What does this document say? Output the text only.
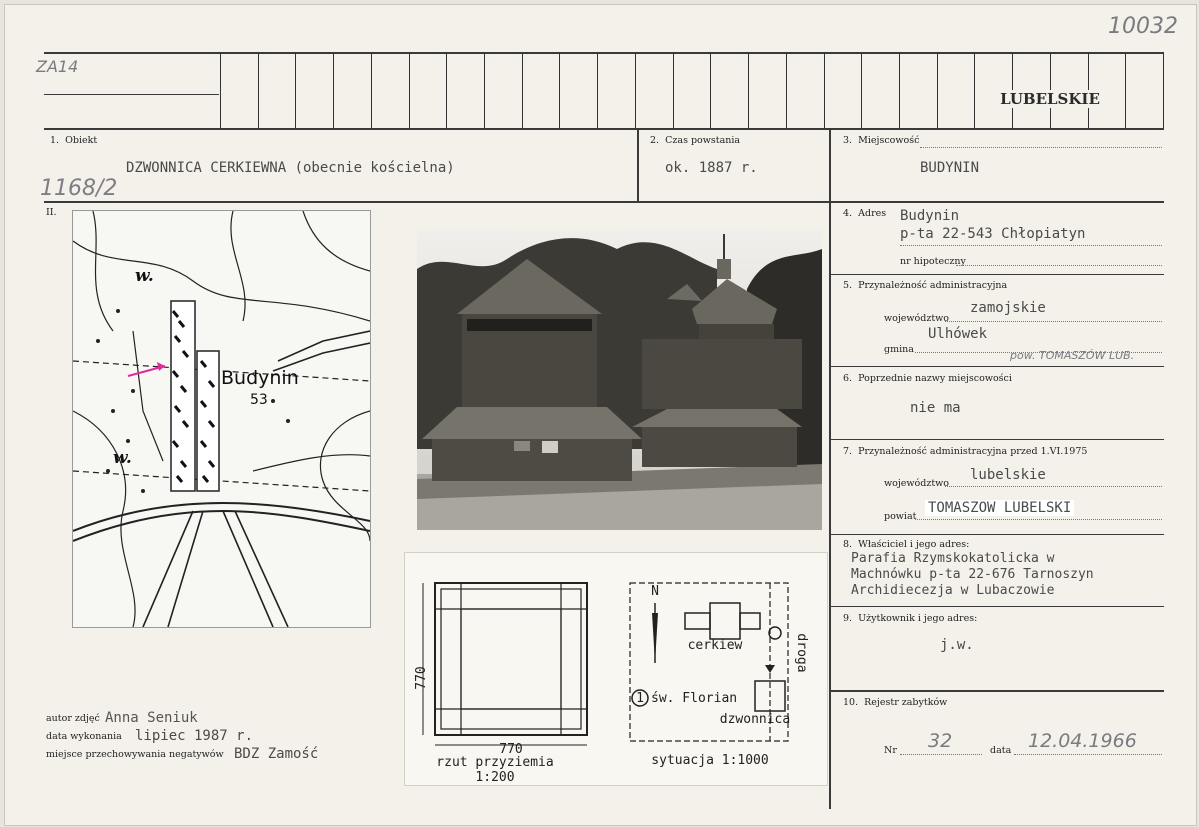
10032
ZA14
LUBELSKIE
1. Obiekt
DZWONNICA CERKIEWNA (obecnie kościelna)
1168/2
2. Czas powstania
ok. 1887 r.
3. Miejscowość
BUDYNIN
II.
Budynin
53
w.
w.
770
770
rzut przyziemia
1:200
N
cerkiew
1 św. Florian
dzwonnica
droga
sytuacja 1:1000
4. Adres Budynin
p-ta 22-543 Chłopiatyn
nr hipoteczny
5. Przynależność administracyjna
województwo
zamojskie
Ulhówek
gmina	pow. TOMASZÓW LUB.
6. Poprzednie nazwy miejscowości
nie ma
7. Przynależność administracyjna przed 1.VI.1975
lubelskie
województwo
powiat
TOMASZOW LUBELSKI
8. Właściciel i jego adres:
Parafia Rzymskokatolicka w
Machnówku p-ta 22-676 Tarnoszyn
Archidiecezja w Lubaczowie
9. Użytkownik i jego adres:
j.w.
10. Rejestr zabytków
Nr 32	data 12.04.1966
autor zdjęć Anna Seniuk
data wykonania lipiec 1987 r.
miejsce przechowywania negatywów BDZ Zamość
